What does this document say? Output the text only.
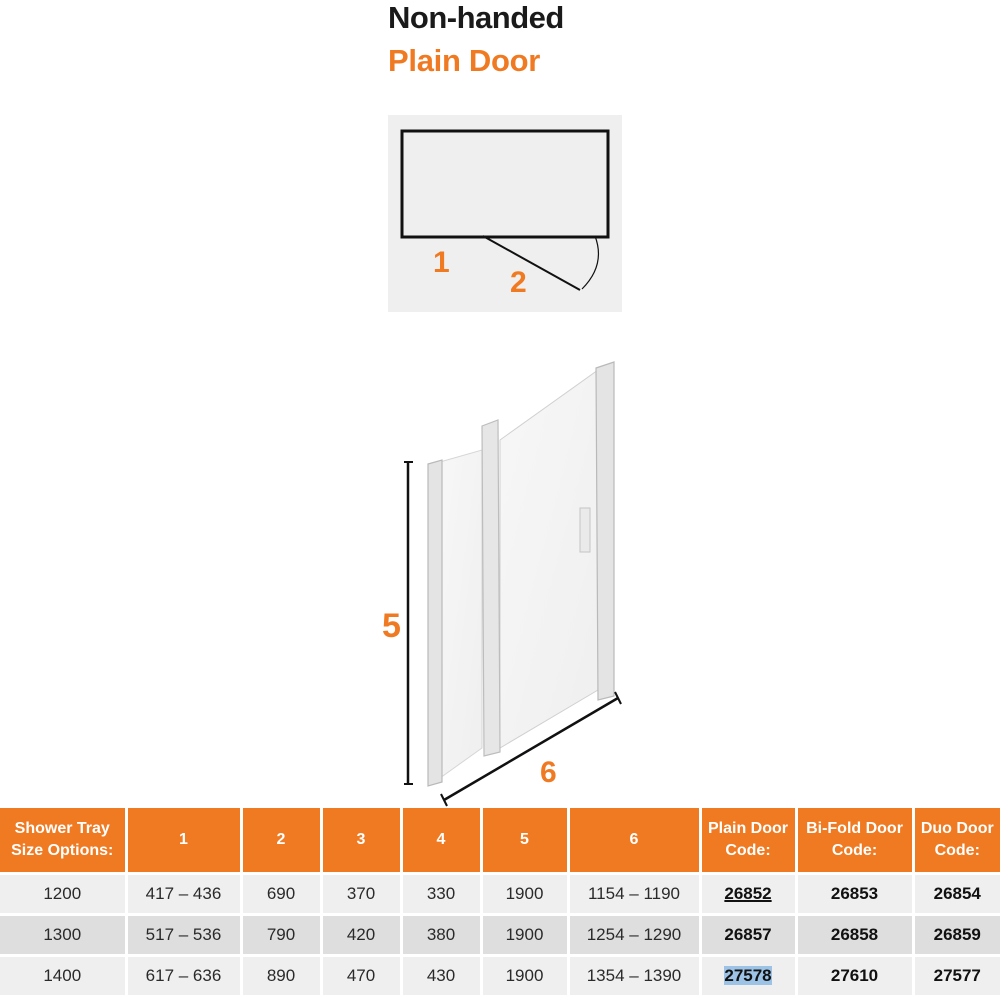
Non-handed
Plain Door
1
2
5
6
Shower Tray Size Options:	1	2	3	4	5	6	Plain Door Code:	Bi-Fold Door Code:	Duo Door Code:
1200	417 – 436	690	370	330	1900	1154 – 1190	26852	26853	26854
1300	517 – 536	790	420	380	1900	1254 – 1290	26857	26858	26859
1400	617 – 636	890	470	430	1900	1354 – 1390	27578	27610	27577
